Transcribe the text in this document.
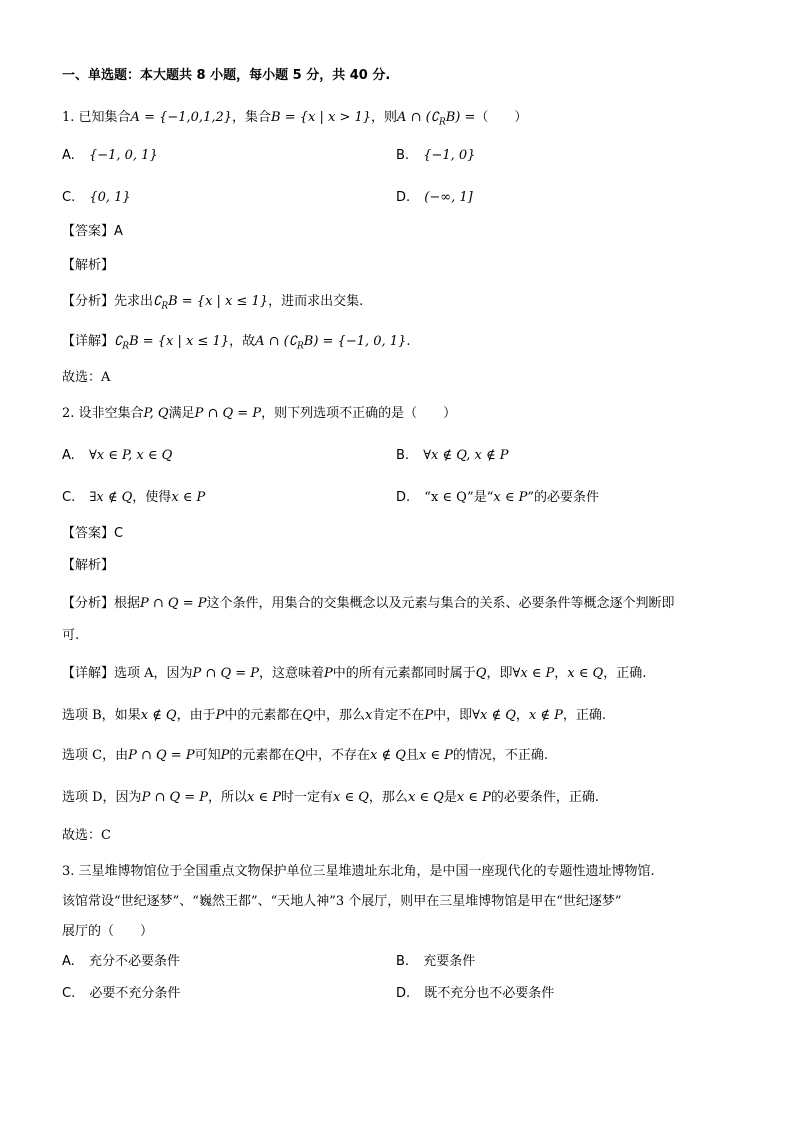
一、单选题：本大题共 8 小题，每小题 5 分，共 40 分.
1. 已知集合A = {−1,0,1,2}，集合B = {x | x > 1}，则A ∩ $(∁_RB)$ =（　　）
A. {−1, 0, 1}	B. {−1, 0}
C. {0, 1}	D. (−∞, 1]
【答案】A
【解析】
【分析】先求出$∁_RB = \{x$ | x ≤ 1}，进而求出交集.
【详解】$∁_RB = \{x$ | x ≤ 1}，故A ∩ $(∁_RB) = \{-1$, 0, 1}.
故选：A
2. 设非空集合P, Q满足P ∩ Q = P，则下列选项不正确的是（　　）
A. ∀x ∈ P, x ∈ Q	B. ∀x ∉ Q, x ∉ P
C. ∃x ∉ Q，使得x ∈ P	D. “x ∈ Q”是“x ∈ P”的必要条件
【答案】C
【解析】
【分析】根据P ∩ Q = P这个条件，用集合的交集概念以及元素与集合的关系、必要条件等概念逐个判断即
可.
【详解】选项 A，因为P ∩ Q = P，这意味着P中的所有元素都同时属于Q，即∀x ∈ P，x ∈ Q，正确.
选项 B，如果x ∉ Q，由于P中的元素都在Q中，那么x肯定不在P中，即∀x ∉ Q，x ∉ P，正确.
选项 C，由P ∩ Q = P可知P的元素都在Q中，不存在x ∉ Q且x ∈ P的情况，不正确.
选项 D，因为P ∩ Q = P，所以x ∈ P时一定有x ∈ Q，那么x ∈ Q是x ∈ P的必要条件，正确.
故选：C
3. 三星堆博物馆位于全国重点文物保护单位三星堆遗址东北角，是中国一座现代化的专题性遗址博物馆.
该馆常设“世纪逐梦”、“巍然王都”、“天地人神”3 个展厅，则甲在三星堆博物馆是甲在“世纪逐梦”
展厅的（　　）
A. 充分不必要条件	B. 充要条件
C. 必要不充分条件	D. 既不充分也不必要条件
